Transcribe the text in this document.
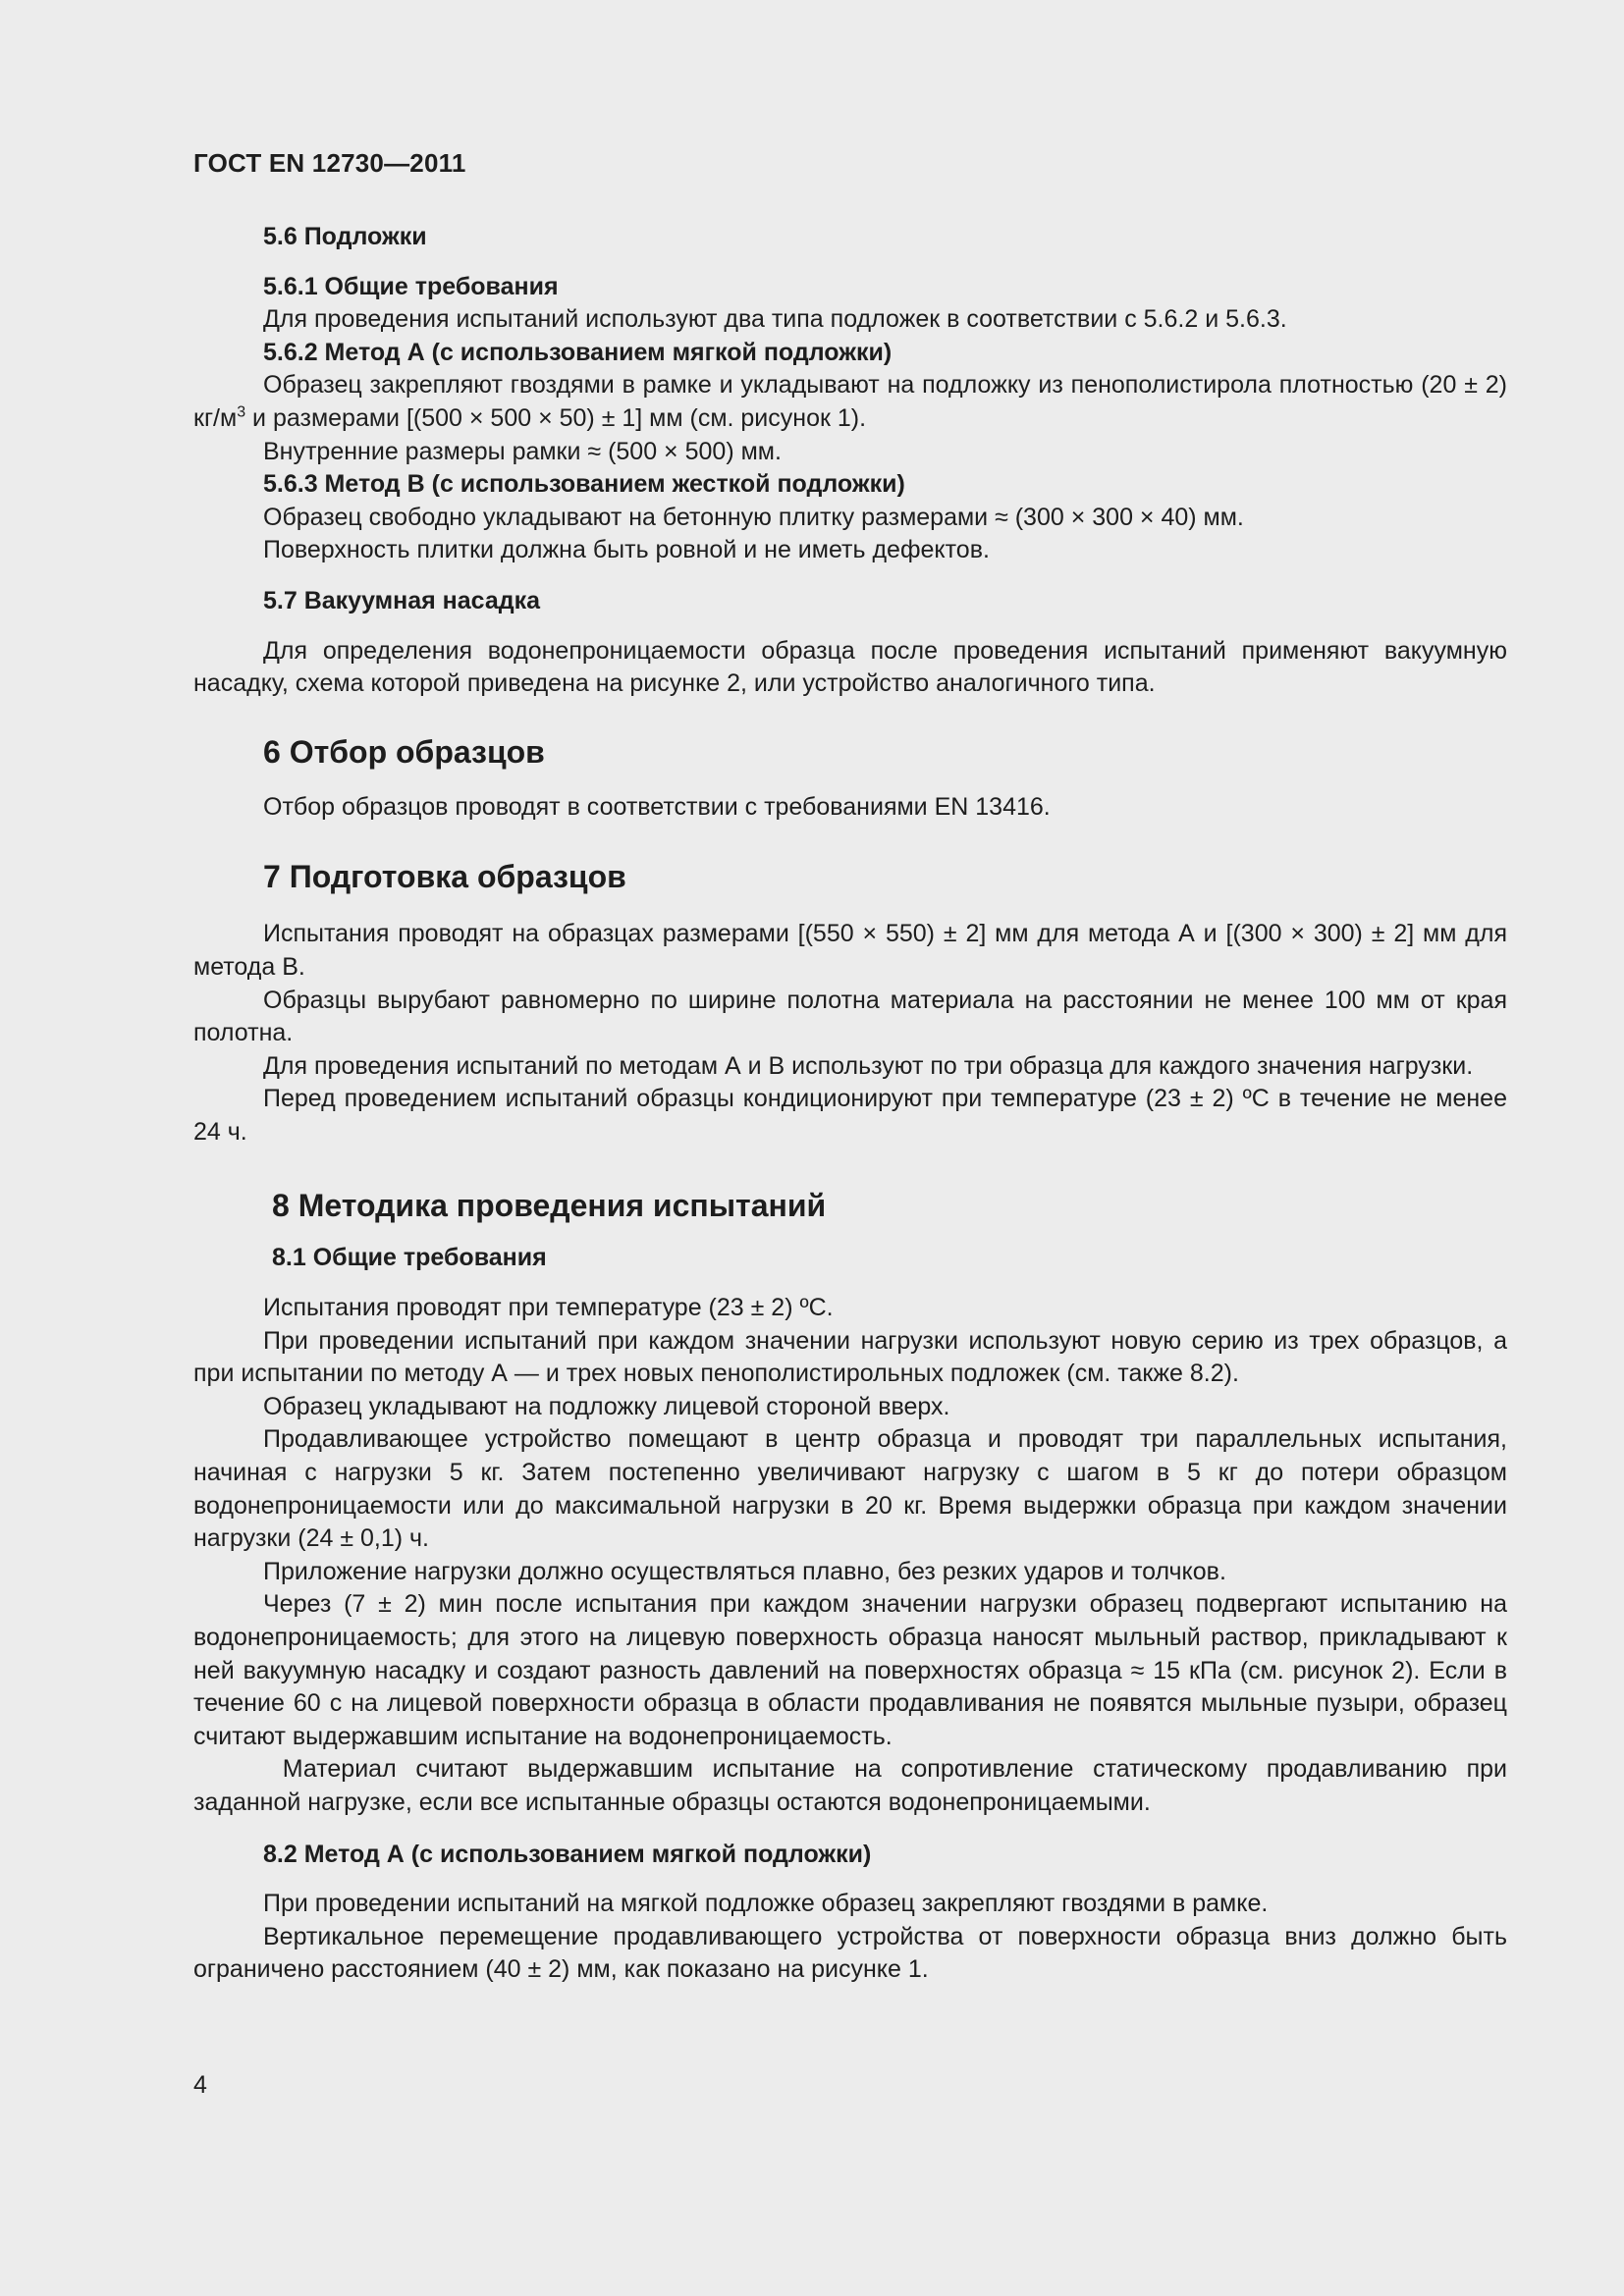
ГОСТ EN 12730—2011
5.6 Подложки
5.6.1 Общие требования

Для проведения испытаний используют два типа подложек в соответствии с 5.6.2 и 5.6.3.

5.6.2 Метод А (с использованием мягкой подложки)

Образец закрепляют гвоздями в рамке и укладывают на подложку из пенополистирола плотностью (20 ± 2) $кг/м^3$ и размерами [(500 × 500 × 50) ± 1] мм (см. рисунок 1).

Внутренние размеры рамки ≈ (500 × 500) мм.

5.6.3 Метод В (с использованием жесткой подложки)

Образец свободно укладывают на бетонную плитку размерами ≈ (300 × 300 × 40) мм.

Поверхность плитки должна быть ровной и не иметь дефектов.

5.7 Вакуумная насадка

Для определения водонепроницаемости образца после проведения испытаний применяют вакуумную насадку, схема которой приведена на рисунке 2, или устройство аналогичного типа.

6 Отбор образцов

Отбор образцов проводят в соответствии с требованиями EN 13416.

7 Подготовка образцов

Испытания проводят на образцах размерами [(550 × 550) ± 2] мм для метода А и [(300 × 300) ± 2] мм для метода В.

Образцы вырубают равномерно по ширине полотна материала на расстоянии не менее 100 мм от края полотна.

Для проведения испытаний по методам А и В используют по три образца для каждого значения нагрузки.

Перед проведением испытаний образцы кондиционируют при температуре (23 ± 2) ºС в течение не менее 24 ч.

8 Методика проведения испытаний
8.1 Общие требования

Испытания проводят при температуре (23 ± 2) ºС.

При проведении испытаний при каждом значении нагрузки используют новую серию из трех образцов, а при испытании по методу А — и трех новых пенополистирольных подложек (см. также 8.2).

Образец укладывают на подложку лицевой стороной вверх.

Продавливающее устройство помещают в центр образца и проводят три параллельных испытания, начиная с нагрузки 5 кг. Затем постепенно увеличивают нагрузку с шагом в 5 кг до потери образцом водонепроницаемости или до максимальной нагрузки в 20 кг. Время выдержки образца при каждом значении нагрузки (24 ± 0,1) ч.

Приложение нагрузки должно осуществляться плавно, без резких ударов и толчков.

Через (7 ± 2) мин после испытания при каждом значении нагрузки образец подвергают испытанию на водонепроницаемость; для этого на лицевую поверхность образца наносят мыльный раствор, прикладывают к ней вакуумную насадку и создают разность давлений на поверхностях образца ≈ 15 кПа (см. рисунок 2). Если в течение 60 с на лицевой поверхности образца в области продавливания не появятся мыльные пузыри, образец считают выдержавшим испытание на водонепроницаемость.

Материал считают выдержавшим испытание на сопротивление статическому продавливанию при заданной нагрузке, если все испытанные образцы остаются водонепроницаемыми.

8.2 Метод А (с использованием мягкой подложки)

При проведении испытаний на мягкой подложке образец закрепляют гвоздями в рамке.

Вертикальное перемещение продавливающего устройства от поверхности образца вниз должно быть ограничено расстоянием (40 ± 2) мм, как показано на рисунке 1.

4
